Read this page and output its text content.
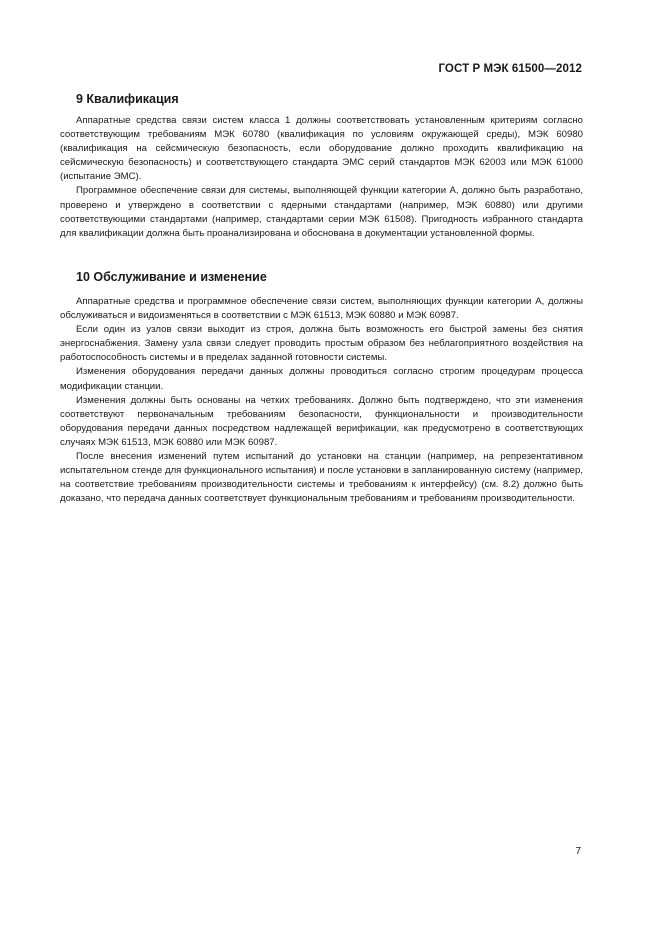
ГОСТ Р МЭК 61500—2012
9 Квалификация

Аппаратные средства связи систем класса 1 должны соответствовать установленным критериям согласно соответствующим требованиям МЭК 60780 (квалификация по условиям окружающей среды), МЭК 60980 (квалификация на сейсмическую безопасность, если оборудование должно проходить квалификацию на сейсмическую безопасность) и соответствующего стандарта ЭМС серий стандартов МЭК 62003 или МЭК 61000 (испытание ЭМС).

Программное обеспечение связи для системы, выполняющей функции категории А, должно быть разработано, проверено и утверждено в соответствии с ядерными стандартами (например, МЭК 60880) или другими соответствующими стандартами (например, стандартами серии МЭК 61508). Пригодность избранного стандарта для квалификации должна быть проанализирована и обоснована в документации установленной формы.

10 Обслуживание и изменение

Аппаратные средства и программное обеспечение связи систем, выполняющих функции категории А, должны обслуживаться и видоизменяться в соответствии с МЭК 61513, МЭК 60880 и МЭК 60987.

Если один из узлов связи выходит из строя, должна быть возможность его быстрой замены без снятия энергоснабжения. Замену узла связи следует проводить простым образом без неблагоприятного воздействия на работоспособность системы и в пределах заданной готовности системы.

Изменения оборудования передачи данных должны проводиться согласно строгим процедурам процесса модификации станции.

Изменения должны быть основаны на четких требованиях. Должно быть подтверждено, что эти изменения соответствуют первоначальным требованиям безопасности, функциональности и производительности оборудования передачи данных посредством надлежащей верификации, как предусмотрено в соответствующих случаях МЭК 61513, МЭК 60880 или МЭК 60987.

После внесения изменений путем испытаний до установки на станции (например, на репрезентативном испытательном стенде для функционального испытания) и после установки в запланированную систему (например, на соответствие требованиям производительности системы и требованиям к интерфейсу) (см. 8.2) должно быть доказано, что передача данных соответствует функциональным требованиям и требованиям производительности.

7
